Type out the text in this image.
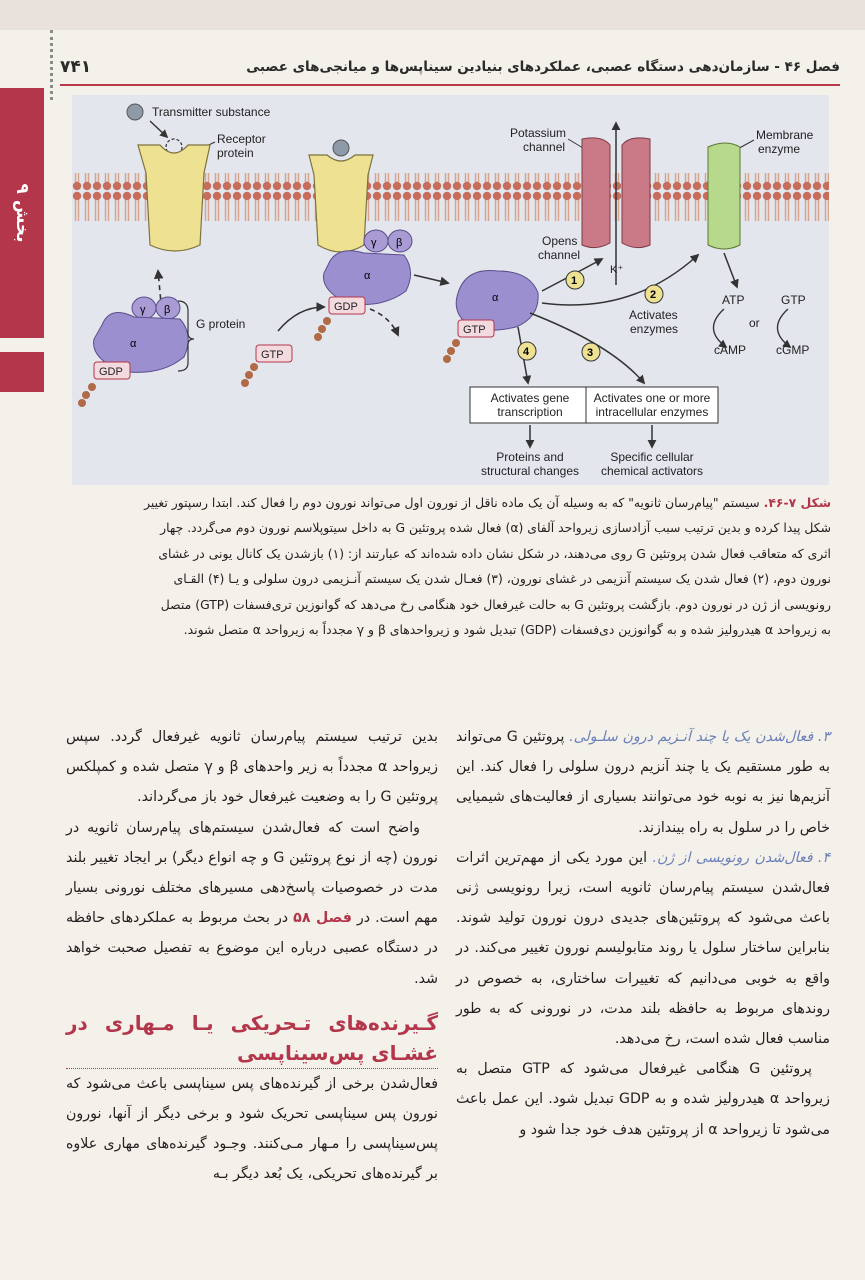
فصل ۴۶ - سازمان‌دهی دستگاه عصبی، عملکردهای بنیادین سیناپس‌ها و میانجی‌های عصبی
۷۴۱
بخش ۹
Transmitter substance
Receptor
protein
γ β
α
GDP
G protein
γ β
α
GDP
GTP
α
GTP
Potassium
channel
K⁺
Opens
channel
1
Membrane
enzyme
2
Activates
enzymes
ATP
or
GTP
cAMP cGMP
3
4
Activates gene
transcription
Activates one or more
intracellular enzymes
Proteins and
structural changes
Specific cellular
chemical activators
شکل ۷-۴۶. سیستم "پیام‌رسان ثانویه" که به وسیله آن یک ماده ناقل از نورون اول می‌تواند نورون دوم را فعال کند. ابتدا رسپتور تغییر
شکل پیدا کرده و بدین ترتیب سبب آزادسازی زیرواحد آلفای (α) فعال شده پروتئین G به داخل سیتوپلاسم نورون دوم می‌گردد. چهار
اثری که متعاقب فعال شدن پروتئین G روی می‌دهند، در شکل نشان داده شده‌اند که عبارتند از: (۱) بازشدن یک کانال یونی در غشای
نورون دوم، (۲) فعال شدن یک سیستم آنزیمی در غشای نورون، (۳) فعـال شدن یک سیستم آنـزیمی درون سلولی و یـا (۴) القـای
رونویسی از ژن در نورون دوم. بازگشت پروتئین G به حالت غیرفعال خود هنگامی رخ می‌دهد که گوانوزین تری‌فسفات (GTP) متصل
به زیرواحد α هیدرولیز شده و به گوانوزین دی‌فسفات (GDP) تبدیل شود و زیرواحدهای β و γ مجدداً به زیرواحد α متصل شوند.

۳. فعال‌شدن یک یا چند آنـزیم درون سلـولی. پروتئین G می‌تواند به طور مستقیم یک یا چند آنزیم درون سلولی را فعال کند. این آنزیم‌ها نیز به نوبه خود می‌توانند بسیاری از فعالیت‌های شیمیایی خاص را در سلول به راه بیندازند.

۴. فعال‌شدن رونویسی از ژن. این مورد یکی از مهم‌ترین اثرات فعال‌شدن سیستم پیام‌رسان ثانویه است، زیرا رونویسی ژنی باعث می‌شود که پروتئین‌های جدیدی درون نورون تولید شوند. بنابراین ساختار سلول یا روند متابولیسم نورون تغییر می‌کند. در واقع به خوبی می‌دانیم که تغییرات ساختاری، به خصوص در روندهای مربوط به حافظه بلند مدت، در نورونی که به طور مناسب فعال شده است، رخ می‌دهد.

پروتئین G هنگامی غیرفعال می‌شود که GTP متصل به زیرواحد α هیدرولیز شده و به GDP تبدیل شود. این عمل باعث می‌شود تا زیرواحد α از پروتئین هدف خود جدا شود و

بدین ترتیب سیستم پیام‌رسان ثانویه غیرفعال گردد. سپس زیرواحد α مجدداً به زیر واحدهای β و γ متصل شده و کمپلکس پروتئین G را به وضعیت غیرفعال خود باز می‌گرداند.

واضح است که فعال‌شدن سیستم‌های پیام‌رسان ثانویه در نورون (چه از نوع پروتئین G و چه انواع دیگر) بر ایجاد تغییر بلند مدت در خصوصیات پاسخ‌دهی مسیرهای مختلف نورونی بسیار مهم است. در فصل ۵۸ در بحث مربوط به عملکردهای حافظه در دستگاه عصبی درباره این موضوع به تفصیل صحبت خواهد شد.

گـیرنده‌های تـحریکی یـا مـهاری در غشـای پس‌سیناپسی

فعال‌شدن برخی از گیرنده‌های پس سیناپسی باعث می‌شود که نورون پس سیناپسی تحریک شود و برخی دیگر از آنها، نورون پس‌سیناپسی را مـهار مـی‌کنند. وجـود گیرنده‌های مهاری علاوه بر گیرنده‌های تحریکی، یک بُعد دیگر بـه
